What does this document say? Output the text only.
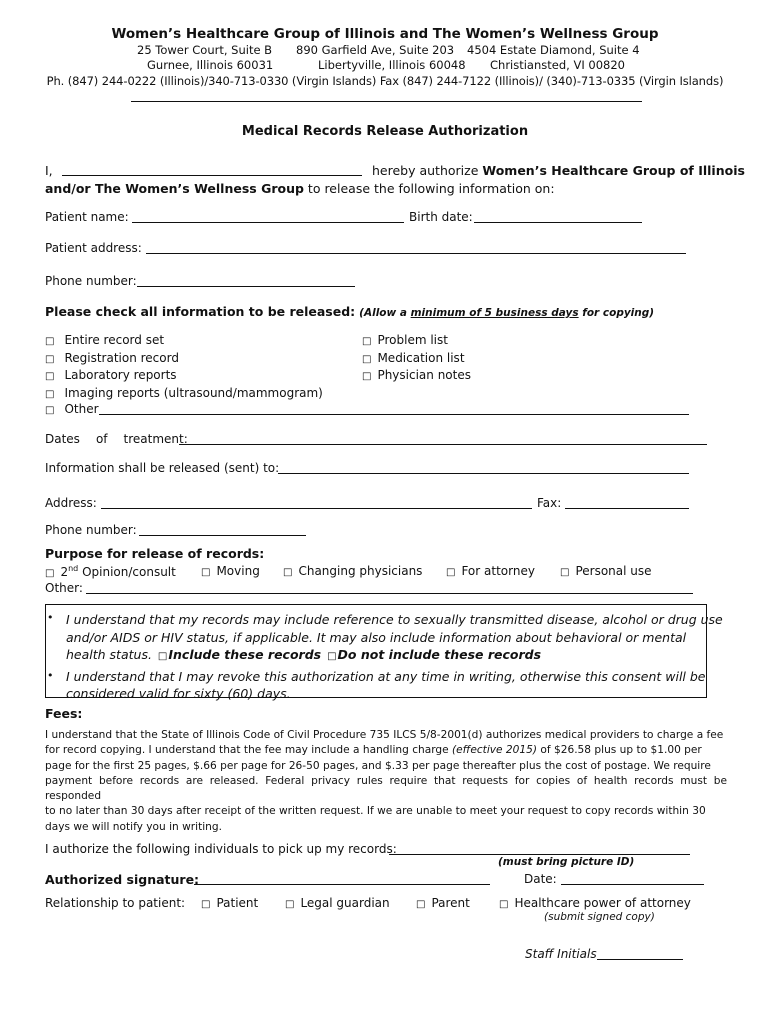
Women’s Healthcare Group of Illinois and The Women’s Wellness Group
25 Tower Court, Suite B 890 Garfield Ave, Suite 203 4504 Estate Diamond, Suite 4
Gurnee, Illinois 60031	Libertyville, Illinois 60048 Christiansted, VI 00820
Ph. (847) 244-0222 (Illinois)/340-713-0330 (Virgin Islands) Fax (847) 244-7122 (Illinois)/ (340)-713-0335 (Virgin Islands)
Medical Records Release Authorization
I,	hereby authorize Women’s Healthcare Group of Illinois
and/or The Women’s Wellness Group to release the following information on:
Patient name:	Birth date:
Patient address:
Phone number:
Please check all information to be released: (Allow a minimum of 5 business days for copying)
□ Entire record set
□ Registration record
□ Laboratory reports
□ Imaging reports (ultrasound/mammogram)
□ Other
□ Problem list
□ Medication list
□ Physician notes
Dates of treatment:
Information shall be released (sent) to:
Address:	Fax:
Phone number:
Purpose for release of records:
□ 2nd Opinion/consult	□ Moving □ Changing physicians □ For attorney	□ Personal use
Other:
• I understand that my records may include reference to sexually transmitted disease, alcohol or drug use
and/or AIDS or HIV status, if applicable. It may also include information about behavioral or mental
health status. □Include these records □Do not include these records
• I understand that I may revoke this authorization at any time in writing, otherwise this consent will be
considered valid for sixty (60) days.
Fees:
I understand that the State of Illinois Code of Civil Procedure 735 ILCS 5/8-2001(d) authorizes medical providers to charge a fee
for record copying. I understand that the fee may include a handling charge (effective 2015) of $26.58 plus up to $1.00 per
page for the first 25 pages, $.66 per page for 26-50 pages, and $.33 per page thereafter plus the cost of postage. We require
payment before records are released. Federal privacy rules require that requests for copies of health records must be responded
to no later than 30 days after receipt of the written request. If we are unable to meet your request to copy records within 30
days we will notify you in writing.
I authorize the following individuals to pick up my records:
(must bring picture ID)
Authorized signature:	Date:
Relationship to patient: □ Patient	□ Legal guardian	□ Parent	□ Healthcare power of attorney
(submit signed copy)
Staff Initials
